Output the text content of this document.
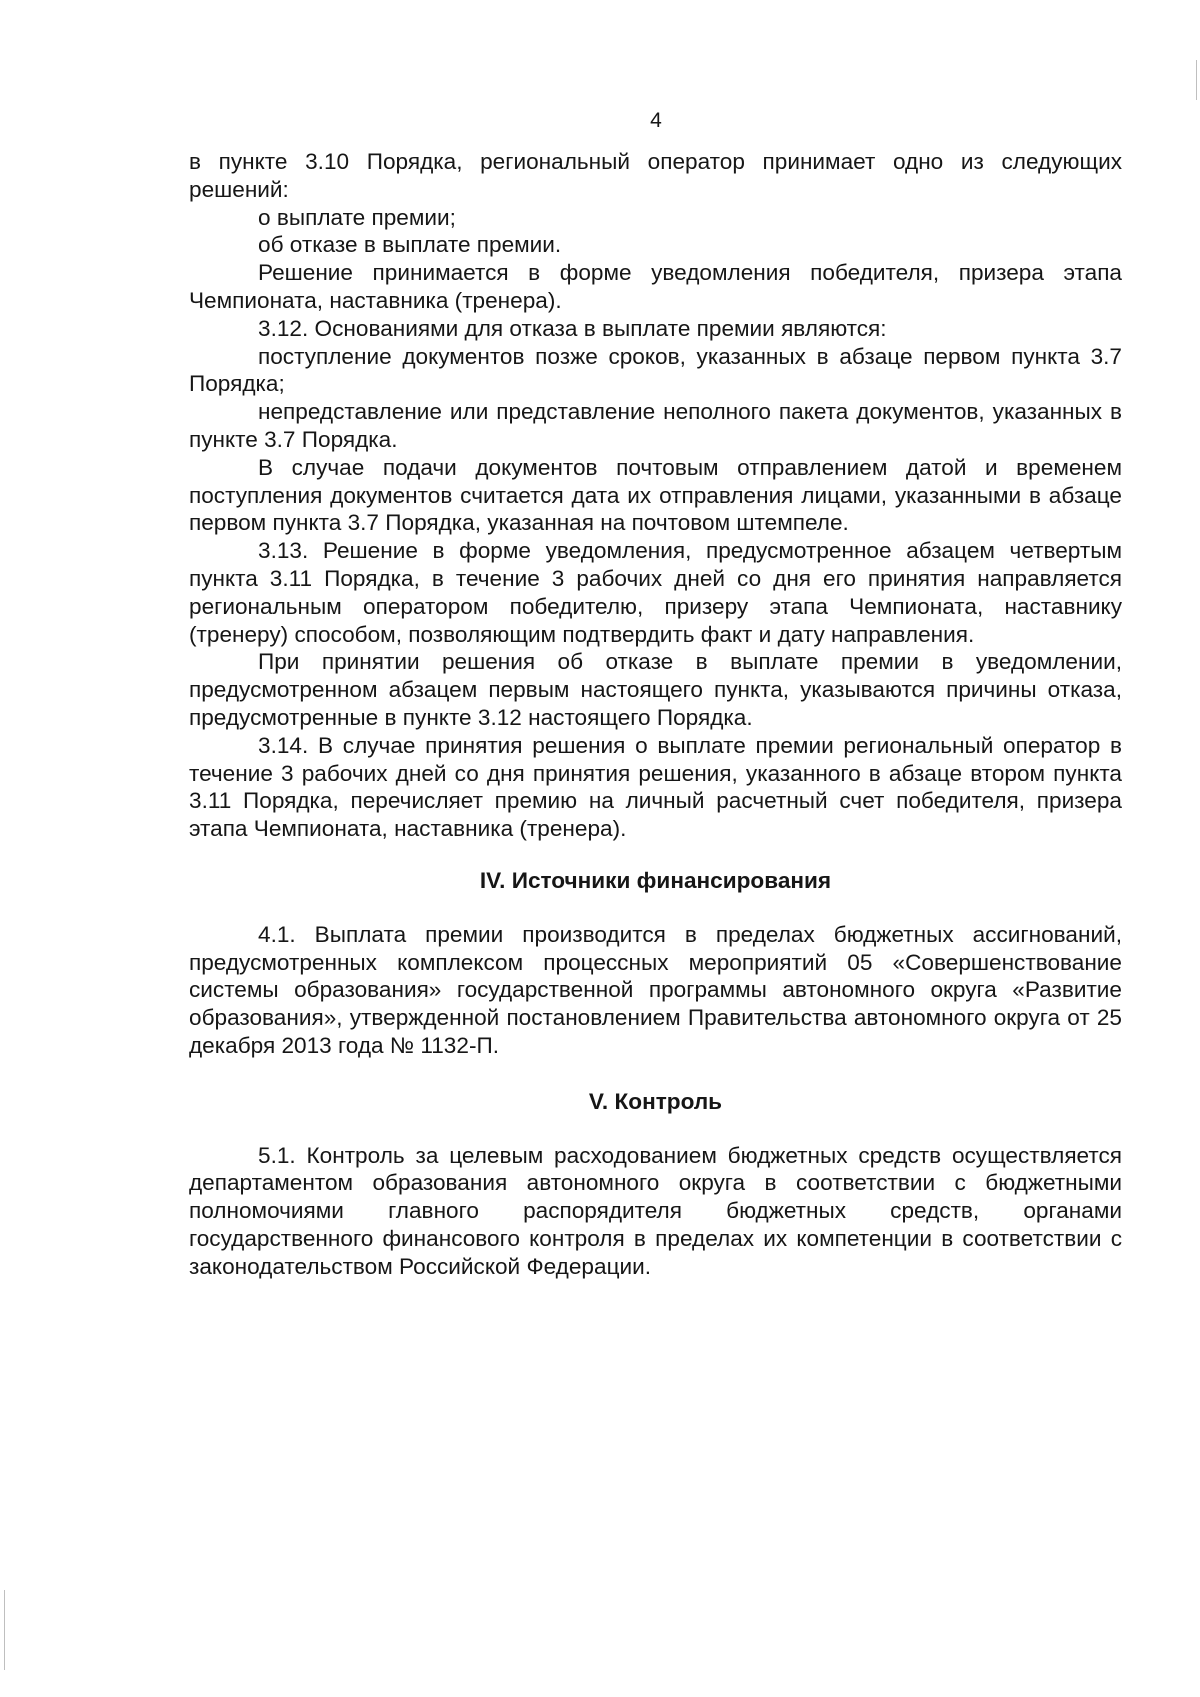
4

в пункте 3.10 Порядка, региональный оператор принимает одно из следующих решений:

о выплате премии;

об отказе в выплате премии.

Решение принимается в форме уведомления победителя, призера этапа Чемпионата, наставника (тренера).

3.12. Основаниями для отказа в выплате премии являются:

поступление документов позже сроков, указанных в абзаце первом пункта 3.7 Порядка;

непредставление или представление неполного пакета документов, указанных в пункте 3.7 Порядка.

В случае подачи документов почтовым отправлением датой и временем поступления документов считается дата их отправления лицами, указанными в абзаце первом пункта 3.7 Порядка, указанная на почтовом штемпеле.

3.13. Решение в форме уведомления, предусмотренное абзацем четвертым пункта 3.11 Порядка, в течение 3 рабочих дней со дня его принятия направляется региональным оператором победителю, призеру этапа Чемпионата, наставнику (тренеру) способом, позволяющим подтвердить факт и дату направления.

При принятии решения об отказе в выплате премии в уведомлении, предусмотренном абзацем первым настоящего пункта, указываются причины отказа, предусмотренные в пункте 3.12 настоящего Порядка.

3.14. В случае принятия решения о выплате премии региональный оператор в течение 3 рабочих дней со дня принятия решения, указанного в абзаце втором пункта 3.11 Порядка, перечисляет премию на личный расчетный счет победителя, призера этапа Чемпионата, наставника (тренера).

IV. Источники финансирования

4.1. Выплата премии производится в пределах бюджетных ассигнований, предусмотренных комплексом процессных мероприятий 05 «Совершенствование системы образования» государственной программы автономного округа «Развитие образования», утвержденной постановлением Правительства автономного округа от 25 декабря 2013 года № 1132-П.

V. Контроль

5.1. Контроль за целевым расходованием бюджетных средств осуществляется департаментом образования автономного округа в соответствии с бюджетными полномочиями главного распорядителя бюджетных средств, органами государственного финансового контроля в пределах их компетенции в соответствии с законодательством Российской Федерации.
